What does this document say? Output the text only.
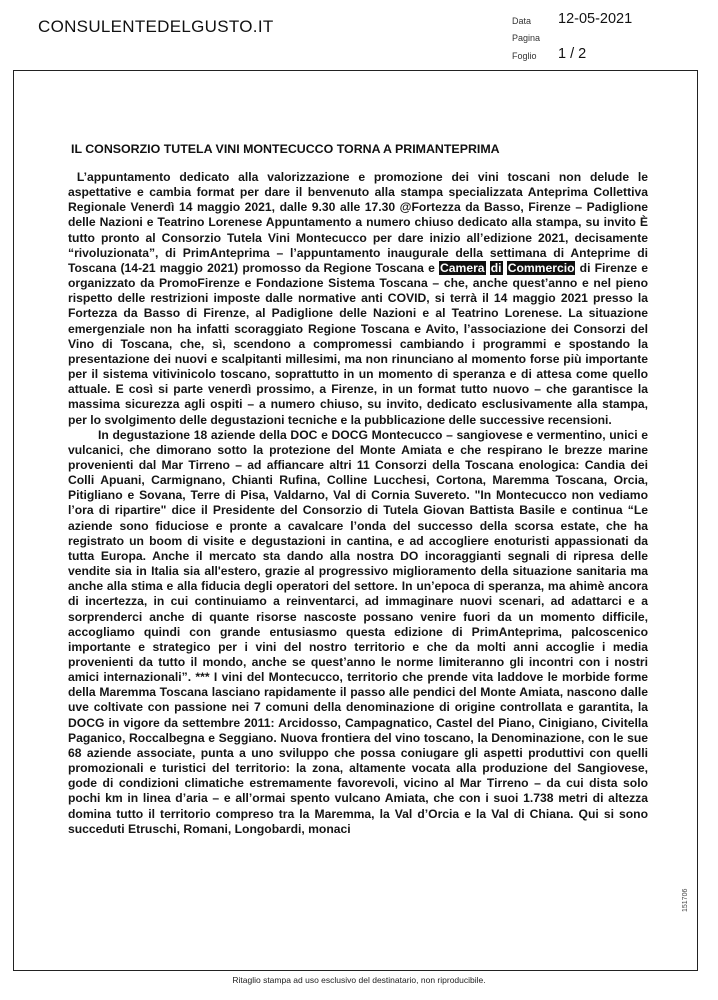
CONSULENTEDELGUSTO.IT	Data 12-05-2021
Pagina
Foglio 1 / 2
IL CONSORZIO TUTELA VINI MONTECUCCO TORNA A PRIMANTEPRIMA

L’appuntamento dedicato alla valorizzazione e promozione dei vini toscani non delude le aspettative e cambia format per dare il benvenuto alla stampa specializzata Anteprima Collettiva Regionale Venerdì 14 maggio 2021, dalle 9.30 alle 17.30 @Fortezza da Basso, Firenze – Padiglione delle Nazioni e Teatrino Lorenese Appuntamento a numero chiuso dedicato alla stampa, su invito È tutto pronto al Consorzio Tutela Vini Montecucco per dare inizio all’edizione 2021, decisamente “rivoluzionata”, di PrimAnteprima – l’appuntamento inaugurale della settimana di Anteprime di Toscana (14-21 maggio 2021) promosso da Regione Toscana e Camera di Commercio di Firenze e organizzato da PromoFirenze e Fondazione Sistema Toscana – che, anche quest’anno e nel pieno rispetto delle restrizioni imposte dalle normative anti COVID, si terrà il 14 maggio 2021 presso la Fortezza da Basso di Firenze, al Padiglione delle Nazioni e al Teatrino Lorenese. La situazione emergenziale non ha infatti scoraggiato Regione Toscana e Avito, l’associazione dei Consorzi del Vino di Toscana, che, sì, scendono a compromessi cambiando i programmi e spostando la presentazione dei nuovi e scalpitanti millesimi, ma non rinunciano al momento forse più importante per il sistema vitivinicolo toscano, soprattutto in un momento di speranza e di attesa come quello attuale. E così si parte venerdì prossimo, a Firenze, in un format tutto nuovo – che garantisce la massima sicurezza agli ospiti – a numero chiuso, su invito, dedicato esclusivamente alla stampa, per lo svolgimento delle degustazioni tecniche e la pubblicazione delle successive recensioni.

In degustazione 18 aziende della DOC e DOCG Montecucco – sangiovese e vermentino, unici e vulcanici, che dimorano sotto la protezione del Monte Amiata e che respirano le brezze marine provenienti dal Mar Tirreno – ad affiancare altri 11 Consorzi della Toscana enologica: Candia dei Colli Apuani, Carmignano, Chianti Rufina, Colline Lucchesi, Cortona, Maremma Toscana, Orcia, Pitigliano e Sovana, Terre di Pisa, Valdarno, Val di Cornia Suvereto. "In Montecucco non vediamo l’ora di ripartire" dice il Presidente del Consorzio di Tutela Giovan Battista Basile e continua “Le aziende sono fiduciose e pronte a cavalcare l’onda del successo della scorsa estate, che ha registrato un boom di visite e degustazioni in cantina, e ad accogliere enoturisti appassionati da tutta Europa. Anche il mercato sta dando alla nostra DO incoraggianti segnali di ripresa delle vendite sia in Italia sia all'estero, grazie al progressivo miglioramento della situazione sanitaria ma anche alla stima e alla fiducia degli operatori del settore. In un’epoca di speranza, ma ahimè ancora di incertezza, in cui continuiamo a reinventarci, ad immaginare nuovi scenari, ad adattarci e a sorprenderci anche di quante risorse nascoste possano venire fuori da un momento difficile, accogliamo quindi con grande entusiasmo questa edizione di PrimAnteprima, palcoscenico importante e strategico per i vini del nostro territorio e che da molti anni accoglie i media provenienti da tutto il mondo, anche se quest’anno le norme limiteranno gli incontri con i nostri amici internazionali”. *** I vini del Montecucco, territorio che prende vita laddove le morbide forme della Maremma Toscana lasciano rapidamente il passo alle pendici del Monte Amiata, nascono dalle uve coltivate con passione nei 7 comuni della denominazione di origine controllata e garantita, la DOCG in vigore da settembre 2011: Arcidosso, Campagnatico, Castel del Piano, Cinigiano, Civitella Paganico, Roccalbegna e Seggiano. Nuova frontiera del vino toscano, la Denominazione, con le sue 68 aziende associate, punta a uno sviluppo che possa coniugare gli aspetti produttivi con quelli promozionali e turistici del territorio: la zona, altamente vocata alla produzione del Sangiovese, gode di condizioni climatiche estremamente favorevoli, vicino al Mar Tirreno – da cui dista solo pochi km in linea d’aria – e all’ormai spento vulcano Amiata, che con i suoi 1.738 metri di altezza domina tutto il territorio compreso tra la Maremma, la Val d’Orcia e la Val di Chiana. Qui si sono succeduti Etruschi, Romani, Longobardi, monaci

151706
Ritaglio stampa ad uso esclusivo del destinatario, non riproducibile.
